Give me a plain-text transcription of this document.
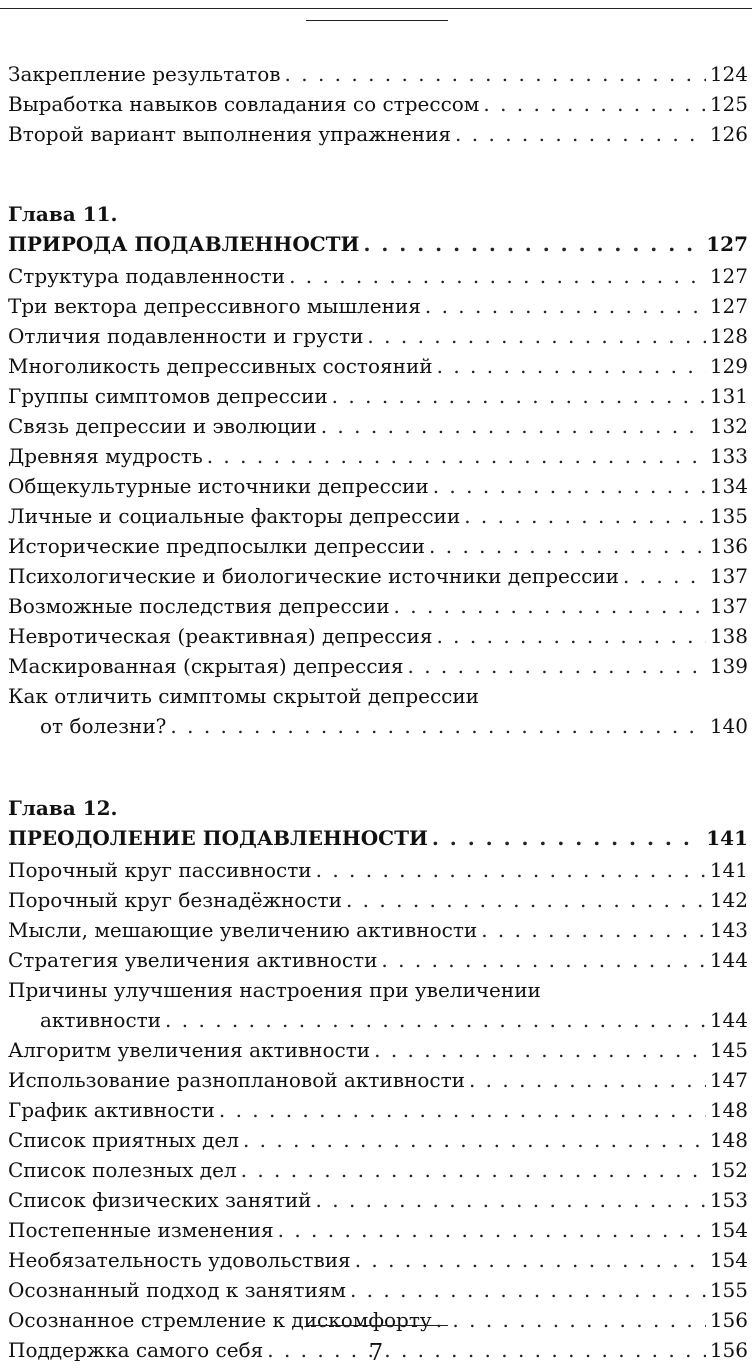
Закрепление результатов . . .	124
Выработка навыков совладания со стрессом . . .	125
Второй вариант выполнения упражнения . . .	126
Глава 11.
ПРИРОДА ПОДАВЛЕННОСТИ . . .	127
Структура подавленности . . .	127
Три вектора депрессивного мышления . . .	127
Отличия подавленности и грусти . . .	128
Многоликость депрессивных состояний . . .	129
Группы симптомов депрессии . . .	131
Связь депрессии и эволюции . . .	132
Древняя мудрость . . .	133
Общекультурные источники депрессии . . .	134
Личные и социальные факторы депрессии . . .	135
Исторические предпосылки депрессии . . .	136
Психологические и биологические источники депрессии . . .	137
Возможные последствия депрессии . . .	137
Невротическая (реактивная) депрессия . . .	138
Маскированная (скрытая) депрессия . . .	139
Как отличить симптомы скрытой депрессии
от болезни? . . .	140
Глава 12.
ПРЕОДОЛЕНИЕ ПОДАВЛЕННОСТИ . . .	141
Порочный круг пассивности . . .	141
Порочный круг безнадёжности . . .	142
Мысли, мешающие увеличению активности . . .	143
Стратегия увеличения активности . . .	144
Причины улучшения настроения при увеличении
активности . . .	144
Алгоритм увеличения активности . . .	145
Использование разноплановой активности . . .	147
График активности . . .	148
Список приятных дел . . .	148
Список полезных дел . . .	152
Список физических занятий . . .	153
Постепенные изменения . . .	154
Необязательность удовольствия . . .	154
Осознанный подход к занятиям . . .	155
Осознанное стремление к дискомфорту . . .	156
Поддержка самого себя . . .	156
7
